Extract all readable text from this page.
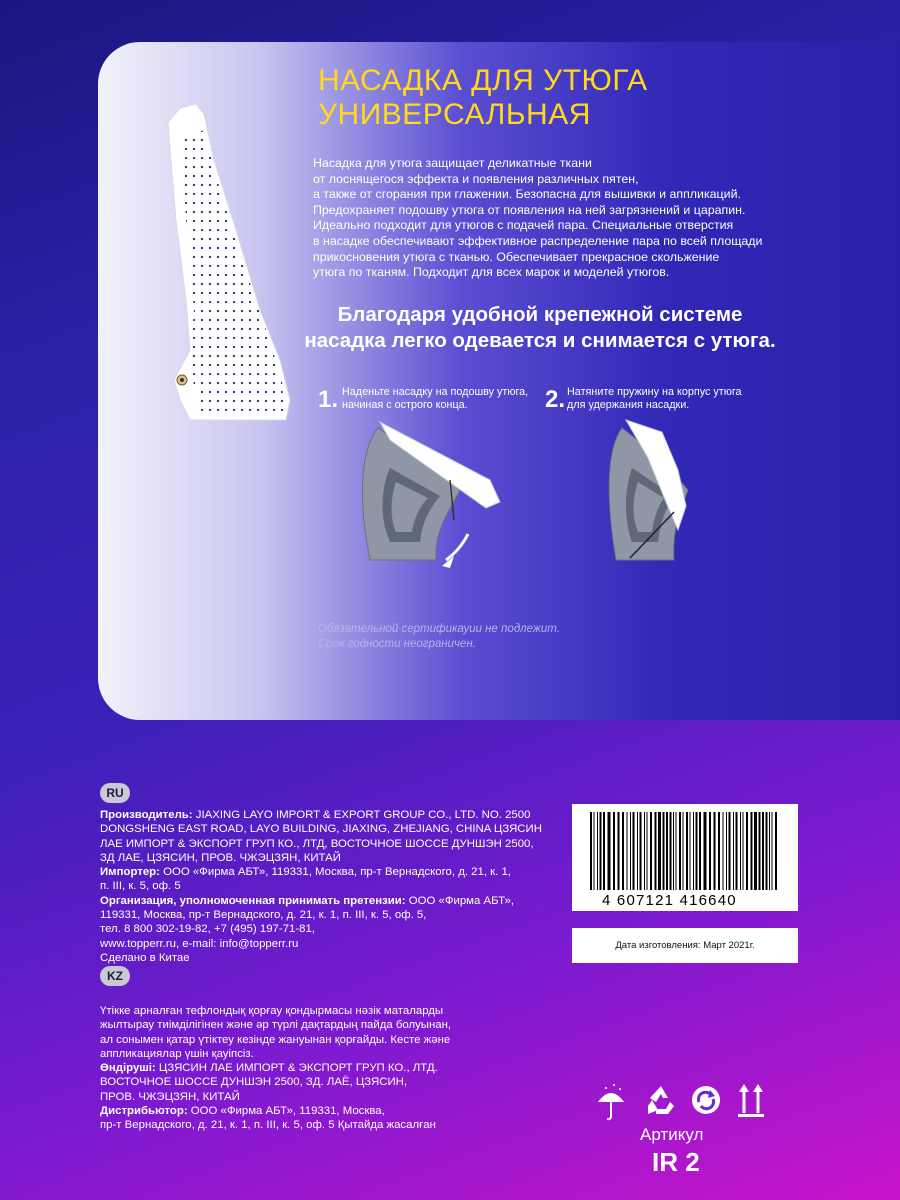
НАСАДКА ДЛЯ УТЮГА
УНИВЕРСАЛЬНАЯ
Насадка для утюга защищает деликатные ткани
от лоснящегося эффекта и появления различных пятен,
а также от сгорания при глажении. Безопасна для вышивки и аппликаций.
Предохраняет подошву утюга от появления на ней загрязнений и царапин.
Идеально подходит для утюгов с подачей пара. Специальные отверстия
в насадке обеспечивают эффективное распределение пара по всей площади
прикосновения утюга с тканью. Обеспечивает прекрасное скольжение
утюга по тканям. Подходит для всех марок и моделей утюгов.
Благодаря удобной крепежной системе
насадка легко одевается и снимается с утюга.
1. Наденьте насадку на подошву утюга,
начиная с острого конца.	2. Натяните пружину на корпус утюга
для удержания насадки.
Обязательной сертификауии не подлежит.
Срок годности неограничен.
RU
Производитель: JIAXING LAYO IMPORT & EXPORT GROUP CO., LTD. NO. 2500
DONGSHENG EAST ROAD, LAYO BUILDING, JIAXING, ZHEJIANG, CHINA ЦЗЯСИН
ЛАЕ ИМПОРТ & ЭКСПОРТ ГРУП КО., ЛТД, ВОСТОЧНОЕ ШОССЕ ДУНШЭН 2500,
ЗД ЛАЕ, ЦЗЯСИН, ПРОВ. ЧЖЭЦЗЯН, КИТАЙ
Импортер: ООО «Фирма АБТ», 119331, Москва, пр-т Вернадского, д. 21, к. 1,
п. III, к. 5, оф. 5
Организация, уполномоченная принимать претензии: ООО «Фирма АБТ»,
119331, Москва, пр-т Вернадского, д. 21, к. 1, п. III, к. 5, оф. 5,
тел. 8 800 302-19-82, +7 (495) 197-71-81,
www.topperr.ru, e-mail: info@topperr.ru
Сделано в Китае
KZ
Үтікке арналған тефлондық қорғау қондырмасы нәзік маталарды
жылтырау тиімділігінен және әр түрлі дақтардың пайда болуынан,
ал сонымен қатар үтіктеу кезінде жануынан қорғайды. Кесте және
аппликациялар үшін қауіпсіз.
Өндіруші: ЦЗЯСИН ЛАЕ ИМПОРТ & ЭКСПОРТ ГРУП КО., ЛТД.
ВОСТОЧНОЕ ШОССЕ ДУНШЭН 2500, ЗД. ЛАЁ, ЦЗЯСИН,
ПРОВ. ЧЖЭЦЗЯН, КИТАЙ
Дистрибьютор: ООО «Фирма АБТ», 119331, Москва,
пр-т Вернадского, д. 21, к. 1, п. III, к. 5, оф. 5 Қытайда жасалған
4 607121 416640
Дата изготовления: Март 2021г.
Артикул
IR 2
